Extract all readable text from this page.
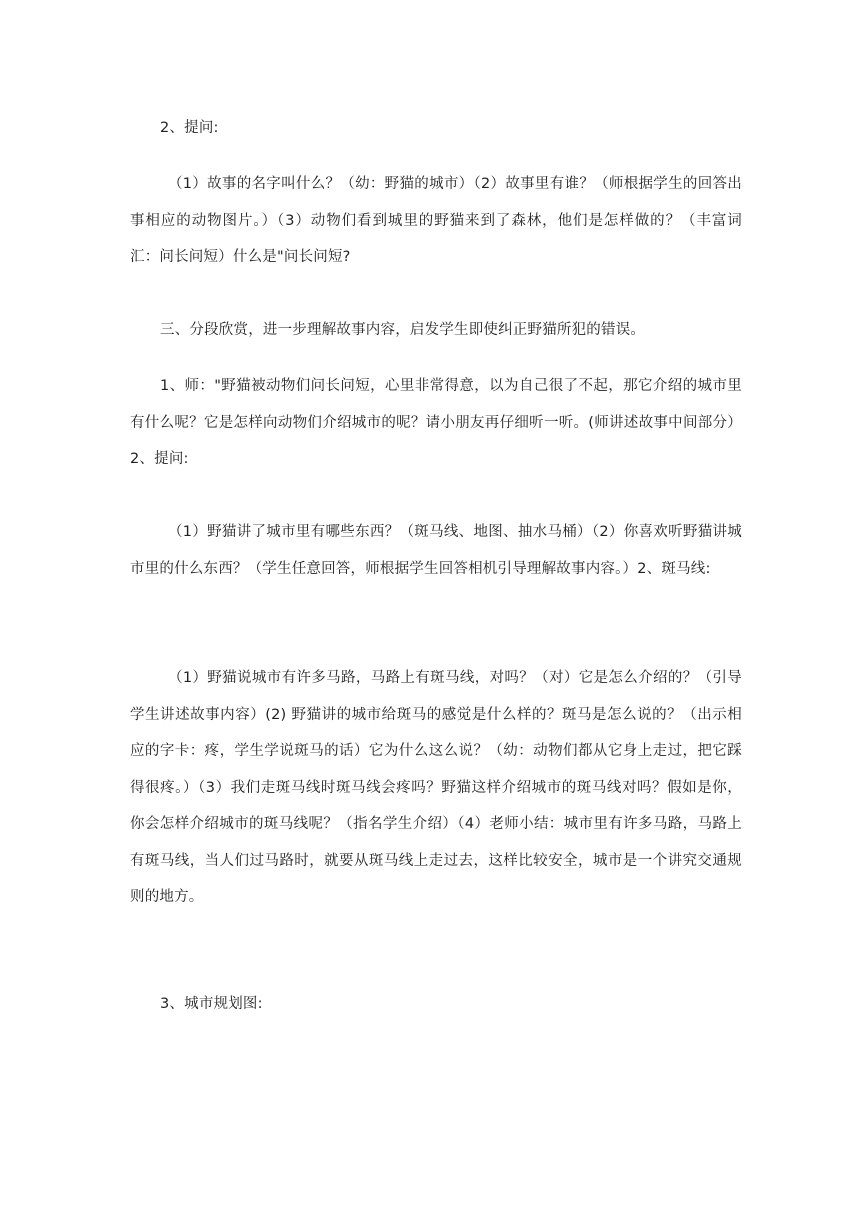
2、提问:

（1）故事的名字叫什么？（幼：野猫的城市）（2）故事里有谁？（师根据学生的回答出事相应的动物图片。）（3）动物们看到城里的野猫来到了森林，他们是怎样做的？（丰富词汇：问长问短）什么是"问长问短?

三、分段欣赏，进一步理解故事内容，启发学生即使纠正野猫所犯的错误。

1、师："野猫被动物们问长问短，心里非常得意，以为自己很了不起，那它介绍的城市里有什么呢？它是怎样向动物们介绍城市的呢？请小朋友再仔细听一听。(师讲述故事中间部分）2、提问:

（1）野猫讲了城市里有哪些东西？（斑马线、地图、抽水马桶）（2）你喜欢听野猫讲城市里的什么东西？（学生任意回答，师根据学生回答相机引导理解故事内容。）2、斑马线:

（1）野猫说城市有许多马路，马路上有斑马线，对吗？（对）它是怎么介绍的？（引导学生讲述故事内容）(2) 野猫讲的城市给斑马的感觉是什么样的？斑马是怎么说的？（出示相应的字卡：疼，学生学说斑马的话）它为什么这么说？（幼：动物们都从它身上走过，把它踩得很疼。）（3）我们走斑马线时斑马线会疼吗？野猫这样介绍城市的斑马线对吗？假如是你，你会怎样介绍城市的斑马线呢？（指名学生介绍）（4）老师小结：城市里有许多马路，马路上有斑马线，当人们过马路时，就要从斑马线上走过去，这样比较安全，城市是一个讲究交通规则的地方。

3、城市规划图:
